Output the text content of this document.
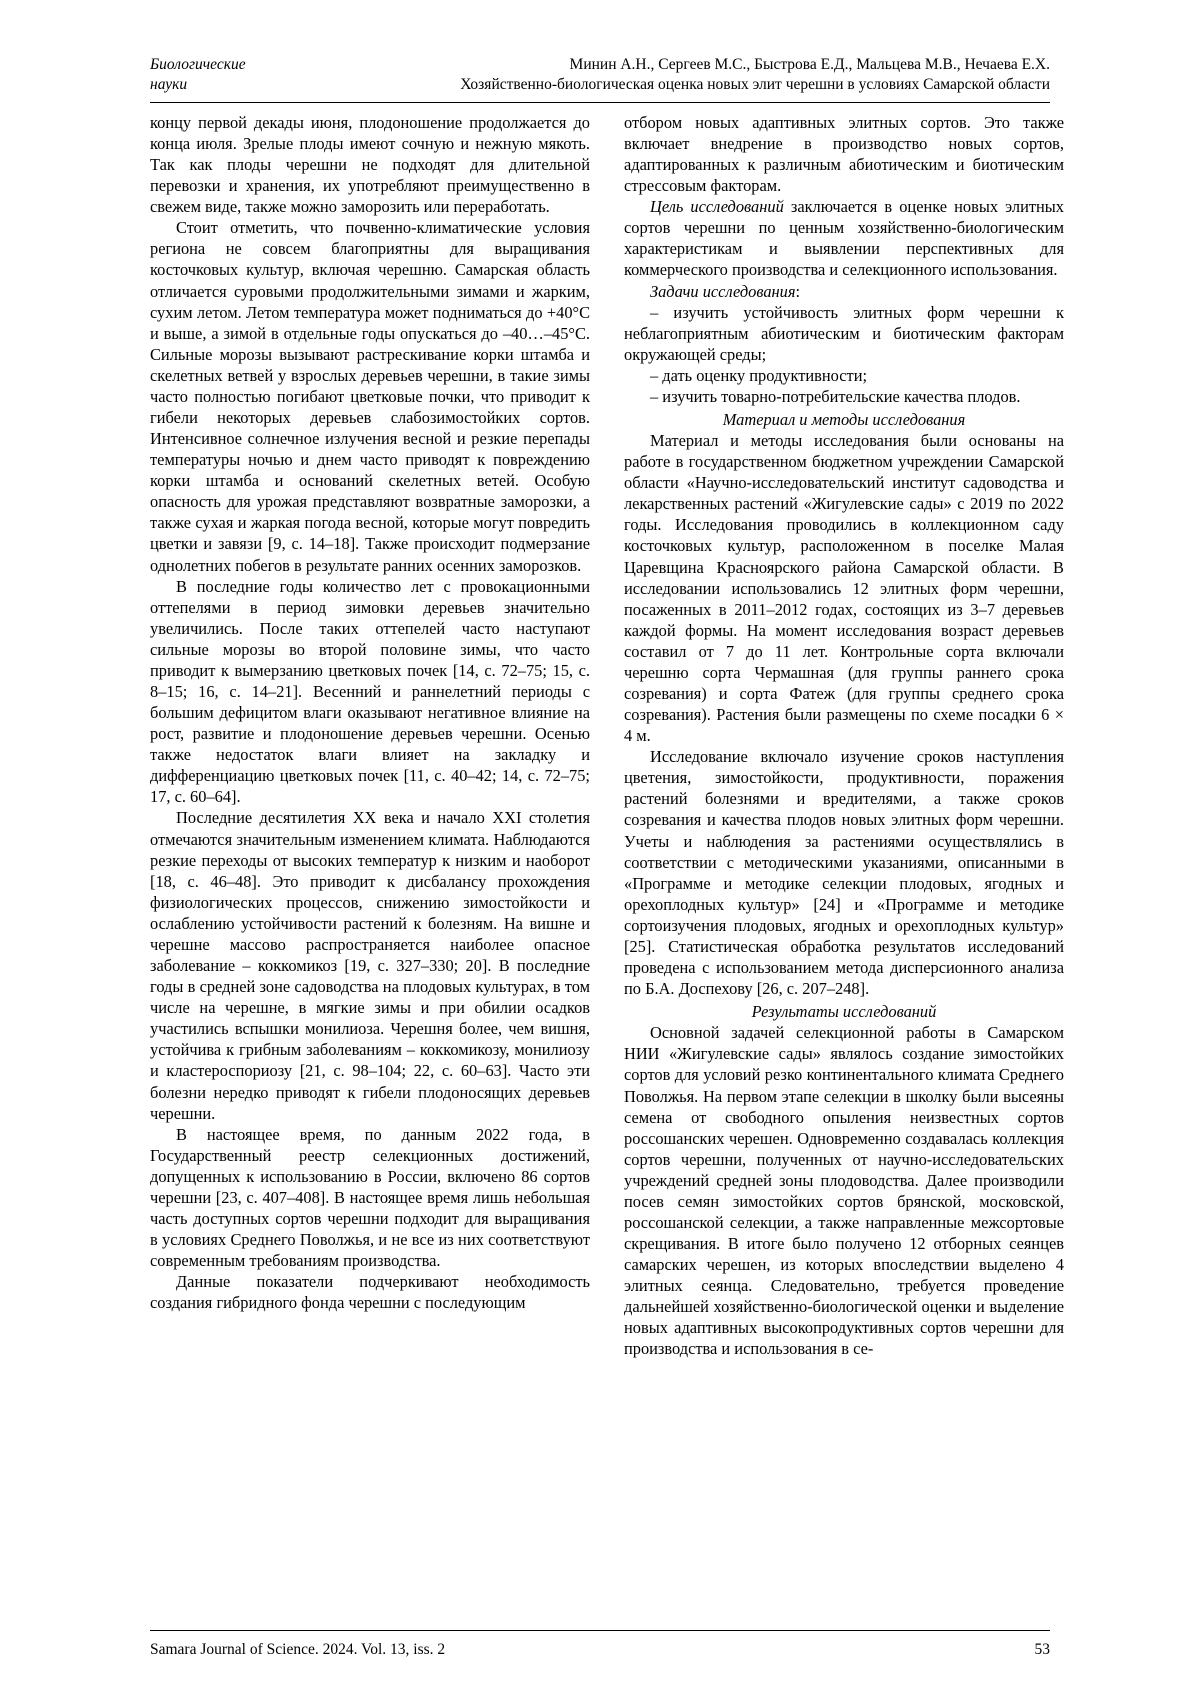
Биологические
науки
Минин А.Н., Сергеев М.С., Быстрова Е.Д., Мальцева М.В., Нечаева Е.Х.
Хозяйственно-биологическая оценка новых элит черешни в условиях Самарской области

концу первой декады июня, плодоношение продолжается до конца июля. Зрелые плоды имеют сочную и нежную мякоть. Так как плоды черешни не подходят для длительной перевозки и хранения, их употребляют преимущественно в свежем виде, также можно заморозить или переработать.

Стоит отметить, что почвенно-климатические условия региона не совсем благоприятны для выращивания косточковых культур, включая черешню. Самарская область отличается суровыми продолжительными зимами и жарким, сухим летом. Летом температура может подниматься до +40°С и выше, а зимой в отдельные годы опускаться до –40…–45°С. Сильные морозы вызывают растрескивание корки штамба и скелетных ветвей у взрослых деревьев черешни, в такие зимы часто полностью погибают цветковые почки, что приводит к гибели некоторых деревьев слабозимостойких сортов. Интенсивное солнечное излучения весной и резкие перепады температуры ночью и днем часто приводят к повреждению корки штамба и оснований скелетных ветей. Особую опасность для урожая представляют возвратные заморозки, а также сухая и жаркая погода весной, которые могут повредить цветки и завязи [9, с. 14–18]. Также происходит подмерзание однолетних побегов в результате ранних осенних заморозков.

В последние годы количество лет с провокационными оттепелями в период зимовки деревьев значительно увеличились. После таких оттепелей часто наступают сильные морозы во второй половине зимы, что часто приводит к вымерзанию цветковых почек [14, с. 72–75; 15, с. 8–15; 16, с. 14–21]. Весенний и раннелетний периоды с большим дефицитом влаги оказывают негативное влияние на рост, развитие и плодоношение деревьев черешни. Осенью также недостаток влаги влияет на закладку и дифференциацию цветковых почек [11, с. 40–42; 14, с. 72–75; 17, с. 60–64].

Последние десятилетия XX века и начало XXI столетия отмечаются значительным изменением климата. Наблюдаются резкие переходы от высоких температур к низким и наоборот [18, с. 46–48]. Это приводит к дисбалансу прохождения физиологических процессов, снижению зимостойкости и ослаблению устойчивости растений к болезням. На вишне и черешне массово распространяется наиболее опасное заболевание – коккомикоз [19, с. 327–330; 20]. В последние годы в средней зоне садоводства на плодовых культурах, в том числе на черешне, в мягкие зимы и при обилии осадков участились вспышки монилиоза. Черешня более, чем вишня, устойчива к грибным заболеваниям – коккомикозу, монилиозу и кластероспориозу [21, с. 98–104; 22, с. 60–63]. Часто эти болезни нередко приводят к гибели плодоносящих деревьев черешни.

В настоящее время, по данным 2022 года, в Государственный реестр селекционных достижений, допущенных к использованию в России, включено 86 сортов черешни [23, с. 407–408]. В настоящее время лишь небольшая часть доступных сортов черешни подходит для выращивания в условиях Среднего Поволжья, и не все из них соответствуют современным требованиям производства.

Данные показатели подчеркивают необходимость создания гибридного фонда черешни с последующим

отбором новых адаптивных элитных сортов. Это также включает внедрение в производство новых сортов, адаптированных к различным абиотическим и биотическим стрессовым факторам.

Цель исследований заключается в оценке новых элитных сортов черешни по ценным хозяйственно-биологическим характеристикам и выявлении перспективных для коммерческого производства и селекционного использования.

Задачи исследования:

– изучить устойчивость элитных форм черешни к неблагоприятным абиотическим и биотическим факторам окружающей среды;

– дать оценку продуктивности;

– изучить товарно-потребительские качества плодов.

Материал и методы исследования

Материал и методы исследования были основаны на работе в государственном бюджетном учреждении Самарской области «Научно-исследовательский институт садоводства и лекарственных растений «Жигулевские сады» с 2019 по 2022 годы. Исследования проводились в коллекционном саду косточковых культур, расположенном в поселке Малая Царевщина Красноярского района Самарской области. В исследовании использовались 12 элитных форм черешни, посаженных в 2011–2012 годах, состоящих из 3–7 деревьев каждой формы. На момент исследования возраст деревьев составил от 7 до 11 лет. Контрольные сорта включали черешню сорта Чермашная (для группы раннего срока созревания) и сорта Фатеж (для группы среднего срока созревания). Растения были размещены по схеме посадки 6 × 4 м.

Исследование включало изучение сроков наступления цветения, зимостойкости, продуктивности, поражения растений болезнями и вредителями, а также сроков созревания и качества плодов новых элитных форм черешни. Учеты и наблюдения за растениями осуществлялись в соответствии с методическими указаниями, описанными в «Программе и методике селекции плодовых, ягодных и орехоплодных культур» [24] и «Программе и методике сортоизучения плодовых, ягодных и орехоплодных культур» [25]. Статистическая обработка результатов исследований проведена с использованием метода дисперсионного анализа по Б.А. Доспехову [26, с. 207–248].

Результаты исследований

Основной задачей селекционной работы в Самарском НИИ «Жигулевские сады» являлось создание зимостойких сортов для условий резко континентального климата Среднего Поволжья. На первом этапе селекции в школку были высеяны семена от свободного опыления неизвестных сортов россошанских черешен. Одновременно создавалась коллекция сортов черешни, полученных от научно-исследовательских учреждений средней зоны плодоводства. Далее производили посев семян зимостойких сортов брянской, московской, россошанской селекции, а также направленные межсортовые скрещивания. В итоге было получено 12 отборных сеянцев самарских черешен, из которых впоследствии выделено 4 элитных сеянца. Следовательно, требуется проведение дальнейшей хозяйственно-биологической оценки и выделение новых адаптивных высокопродуктивных сортов черешни для производства и использования в се-

Samara Journal of Science. 2024. Vol. 13, iss. 2	53
